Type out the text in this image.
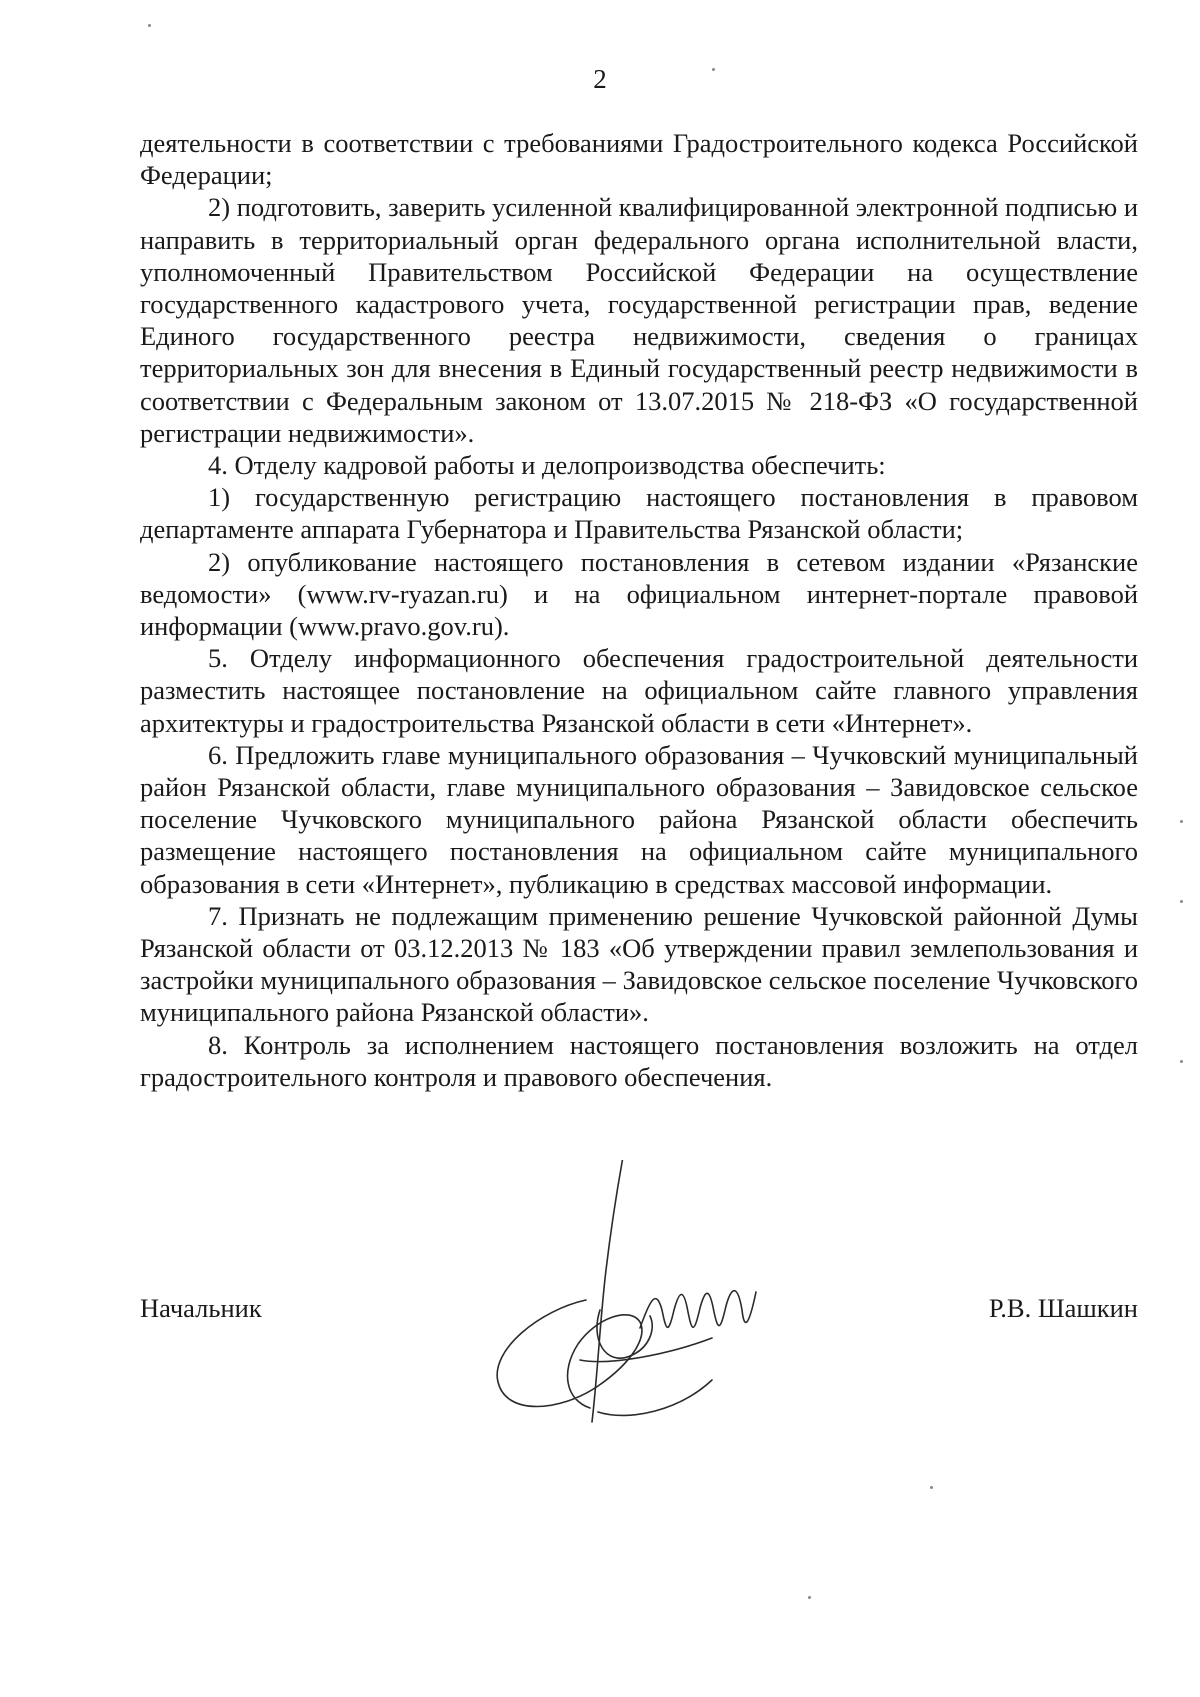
2

деятельности в соответствии с требованиями Градостроительного кодекса Российской Федерации;

2) подготовить, заверить усиленной квалифицированной электронной подписью и направить в территориальный орган федерального органа исполнительной власти, уполномоченный Правительством Российской Федерации на осуществление государственного кадастрового учета, государственной регистрации прав, ведение Единого государственного реестра недвижимости, сведения о границах территориальных зон для внесения в Единый государственный реестр недвижимости в соответствии с Федеральным законом от 13.07.2015 № 218-ФЗ «О государственной регистрации недвижимости».

4. Отделу кадровой работы и делопроизводства обеспечить:

1) государственную регистрацию настоящего постановления в правовом департаменте аппарата Губернатора и Правительства Рязанской области;

2) опубликование настоящего постановления в сетевом издании «Рязанские ведомости» (www.rv-ryazan.ru) и на официальном интернет-портале правовой информации (www.pravo.gov.ru).

5. Отделу информационного обеспечения градостроительной деятельности разместить настоящее постановление на официальном сайте главного управления архитектуры и градостроительства Рязанской области в сети «Интернет».

6. Предложить главе муниципального образования – Чучковский муниципальный район Рязанской области, главе муниципального образования – Завидовское сельское поселение Чучковского муниципального района Рязанской области обеспечить размещение настоящего постановления на официальном сайте муниципального образования в сети «Интернет», публикацию в средствах массовой информации.

7. Признать не подлежащим применению решение Чучковской районной Думы Рязанской области от 03.12.2013 № 183 «Об утверждении правил землепользования и застройки муниципального образования – Завидовское сельское поселение Чучковского муниципального района Рязанской области».

8. Контроль за исполнением настоящего постановления возложить на отдел градостроительного контроля и правового обеспечения.

Начальник	Р.В. Шашкин
